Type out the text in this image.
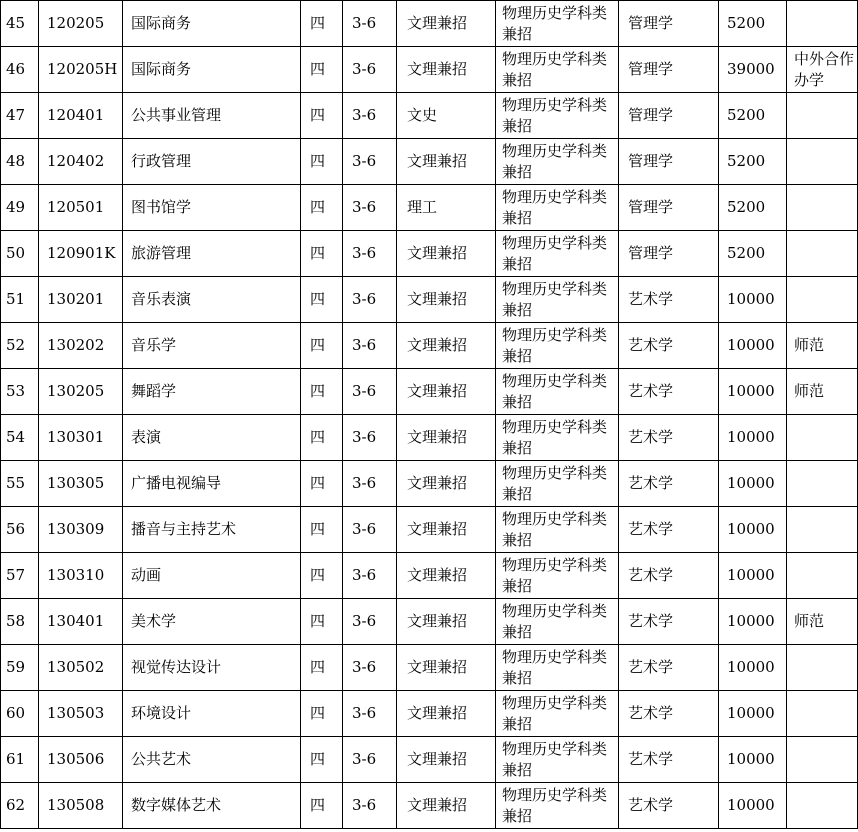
45	120205	国际商务	四	3-6	文理兼招	物理历史学科类兼招	管理学	5200	
46	120205H	国际商务	四	3-6	文理兼招	物理历史学科类兼招	管理学	39000	中外合作办学
47	120401	公共事业管理	四	3-6	文史	物理历史学科类兼招	管理学	5200	
48	120402	行政管理	四	3-6	文理兼招	物理历史学科类兼招	管理学	5200	
49	120501	图书馆学	四	3-6	理工	物理历史学科类兼招	管理学	5200	
50	120901K	旅游管理	四	3-6	文理兼招	物理历史学科类兼招	管理学	5200	
51	130201	音乐表演	四	3-6	文理兼招	物理历史学科类兼招	艺术学	10000	
52	130202	音乐学	四	3-6	文理兼招	物理历史学科类兼招	艺术学	10000	师范
53	130205	舞蹈学	四	3-6	文理兼招	物理历史学科类兼招	艺术学	10000	师范
54	130301	表演	四	3-6	文理兼招	物理历史学科类兼招	艺术学	10000	
55	130305	广播电视编导	四	3-6	文理兼招	物理历史学科类兼招	艺术学	10000	
56	130309	播音与主持艺术	四	3-6	文理兼招	物理历史学科类兼招	艺术学	10000	
57	130310	动画	四	3-6	文理兼招	物理历史学科类兼招	艺术学	10000	
58	130401	美术学	四	3-6	文理兼招	物理历史学科类兼招	艺术学	10000	师范
59	130502	视觉传达设计	四	3-6	文理兼招	物理历史学科类兼招	艺术学	10000	
60	130503	环境设计	四	3-6	文理兼招	物理历史学科类兼招	艺术学	10000	
61	130506	公共艺术	四	3-6	文理兼招	物理历史学科类兼招	艺术学	10000	
62	130508	数字媒体艺术	四	3-6	文理兼招	物理历史学科类兼招	艺术学	10000	
